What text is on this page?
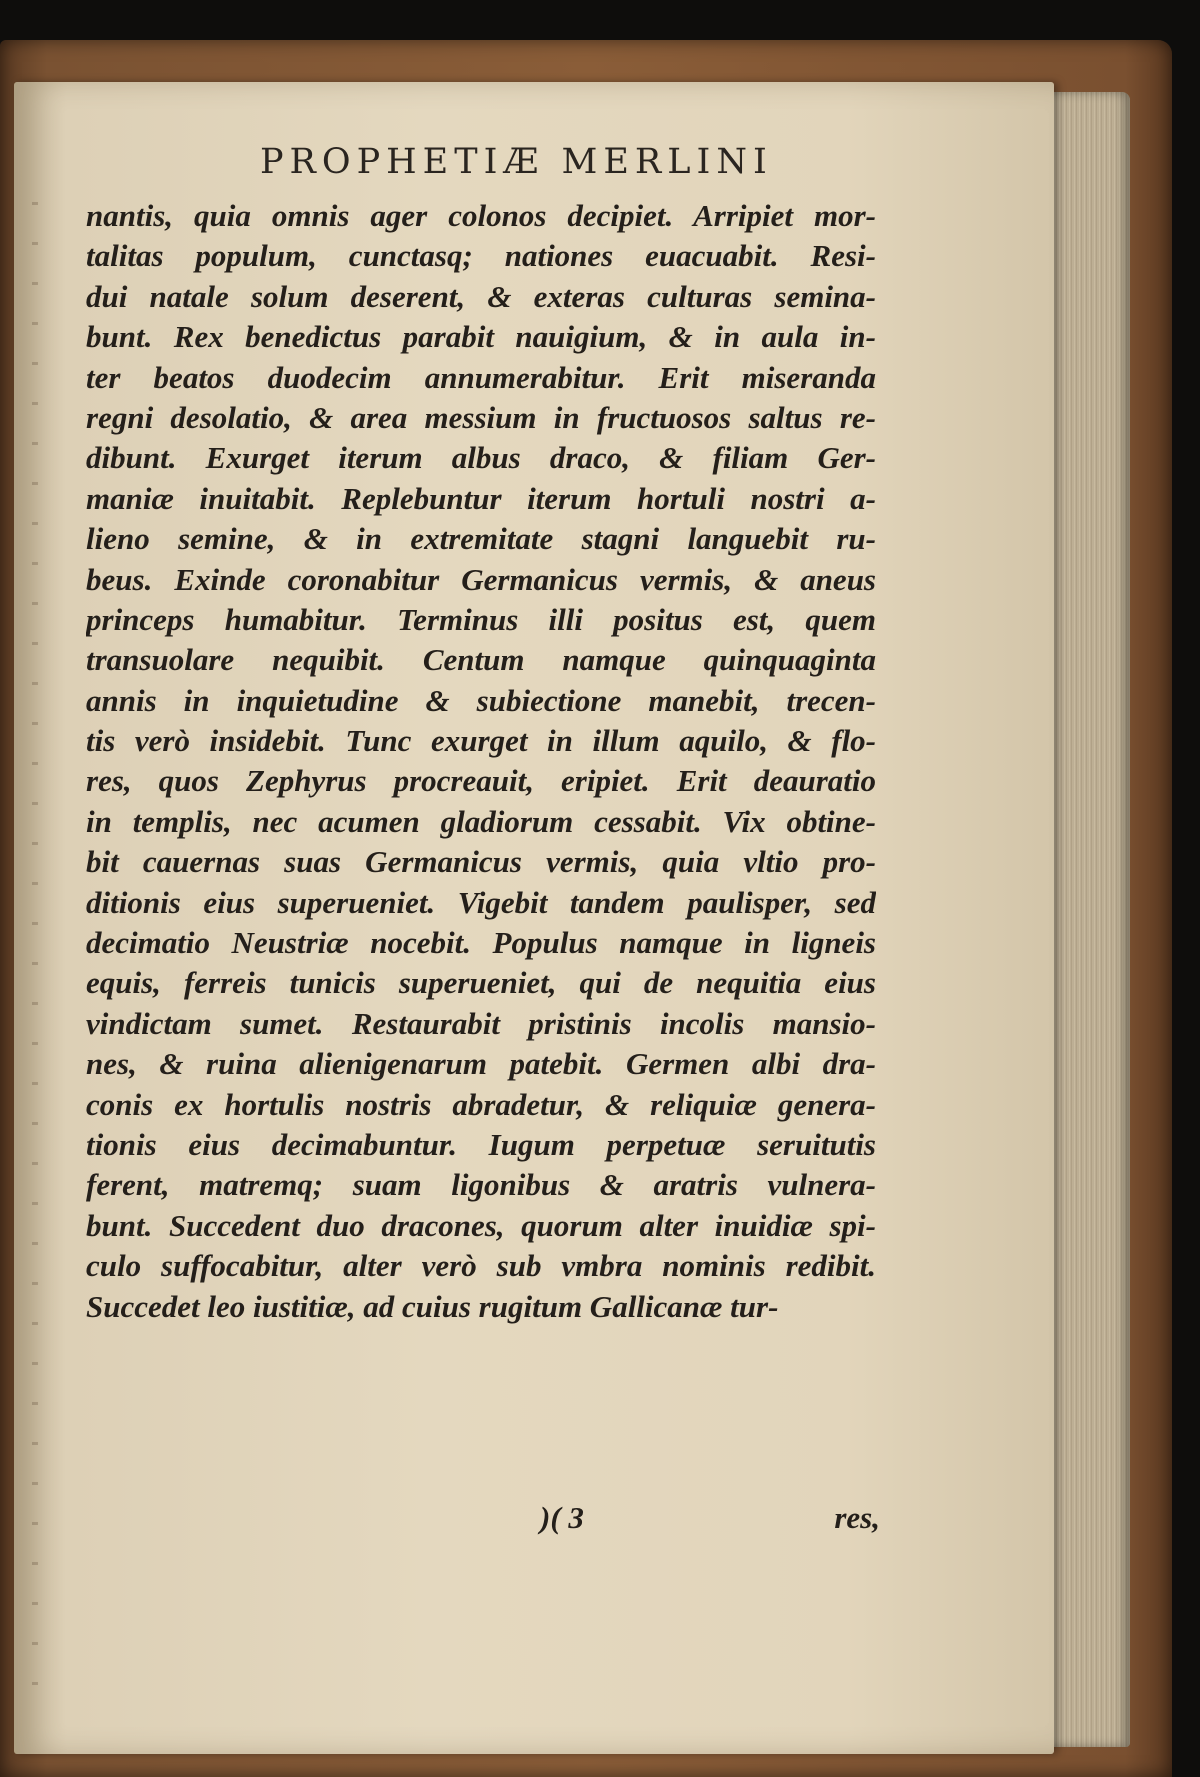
PROPHETIÆ MERLINI
nantis, quia omnis ager colonos decipiet. Arripiet mor-
talitas populum, cunctasq; nationes euacuabit. Resi-
dui natale solum deserent, & exteras culturas semina-
bunt. Rex benedictus parabit nauigium, & in aula in-
ter beatos duodecim annumerabitur. Erit miseranda
regni desolatio, & area messium in fructuosos saltus re-
dibunt. Exurget iterum albus draco, & filiam Ger-
maniæ inuitabit. Replebuntur iterum hortuli nostri a-
lieno semine, & in extremitate stagni languebit ru-
beus. Exinde coronabitur Germanicus vermis, & aneus
princeps humabitur. Terminus illi positus est, quem
transuolare nequibit. Centum namque quinquaginta
annis in inquietudine & subiectione manebit, trecen-
tis verò insidebit. Tunc exurget in illum aquilo, & flo-
res, quos Zephyrus procreauit, eripiet. Erit deauratio
in templis, nec acumen gladiorum cessabit. Vix obtine-
bit cauernas suas Germanicus vermis, quia vltio pro-
ditionis eius superueniet. Vigebit tandem paulisper, sed
decimatio Neustriæ nocebit. Populus namque in ligneis
equis, ferreis tunicis superueniet, qui de nequitia eius
vindictam sumet. Restaurabit pristinis incolis mansio-
nes, & ruina alienigenarum patebit. Germen albi dra-
conis ex hortulis nostris abradetur, & reliquiæ genera-
tionis eius decimabuntur. Iugum perpetuæ seruitutis
ferent, matremq; suam ligonibus & aratris vulnera-
bunt. Succedent duo dracones, quorum alter inuidiæ spi-
culo suffocabitur, alter verò sub vmbra nominis redibit.
Succedet leo iustitiæ, ad cuius rugitum Gallicanæ tur-
)( 3	res,
